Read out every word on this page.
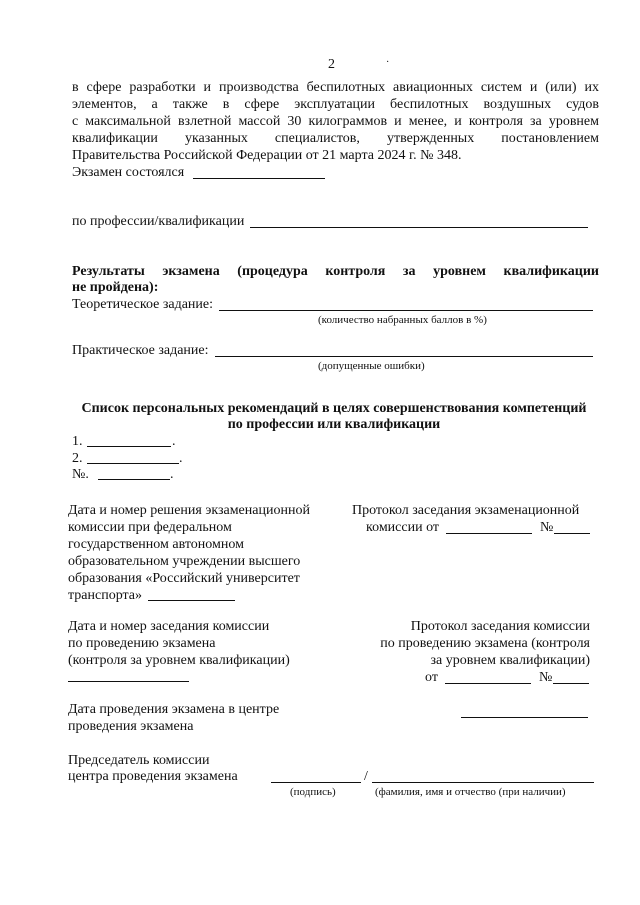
2	·
в сфере разработки и производства беспилотных авиационных систем и (или) их
элементов, а также в сфере эксплуатации беспилотных воздушных судов
с максимальной взлетной массой 30 килограммов и менее, и контроля за уровнем
квалификации указанных специалистов, утвержденных постановлением
Правительства Российской Федерации от 21 марта 2024 г. № 348.
Экзамен состоялся
по профессии/квалификации
Результаты экзамена (процедура контроля за уровнем квалификации
не пройдена):
Теоретическое задание:
(количество набранных баллов в %)
Практическое задание:
(допущенные ошибки)
Список персональных рекомендаций в целях совершенствования компетенций
по профессии или квалификации
1.	.
2.	.
№.	.
Дата и номер решения экзаменационной
комиссии при федеральном
государственном автономном
образовательном учреждении высшего
образования «Российский университет
транспорта»
Протокол заседания экзаменационной
комиссии от	№
Дата и номер заседания комиссии
по проведению экзамена
(контроля за уровнем квалификации)
Протокол заседания комиссии
по проведению экзамена (контроля
за уровнем квалификации)
от	№
Дата проведения экзамена в центре
проведения экзамена
Председатель комиссии
центра проведения экзамена	/
(подпись)	(фамилия, имя и отчество (при наличии)
